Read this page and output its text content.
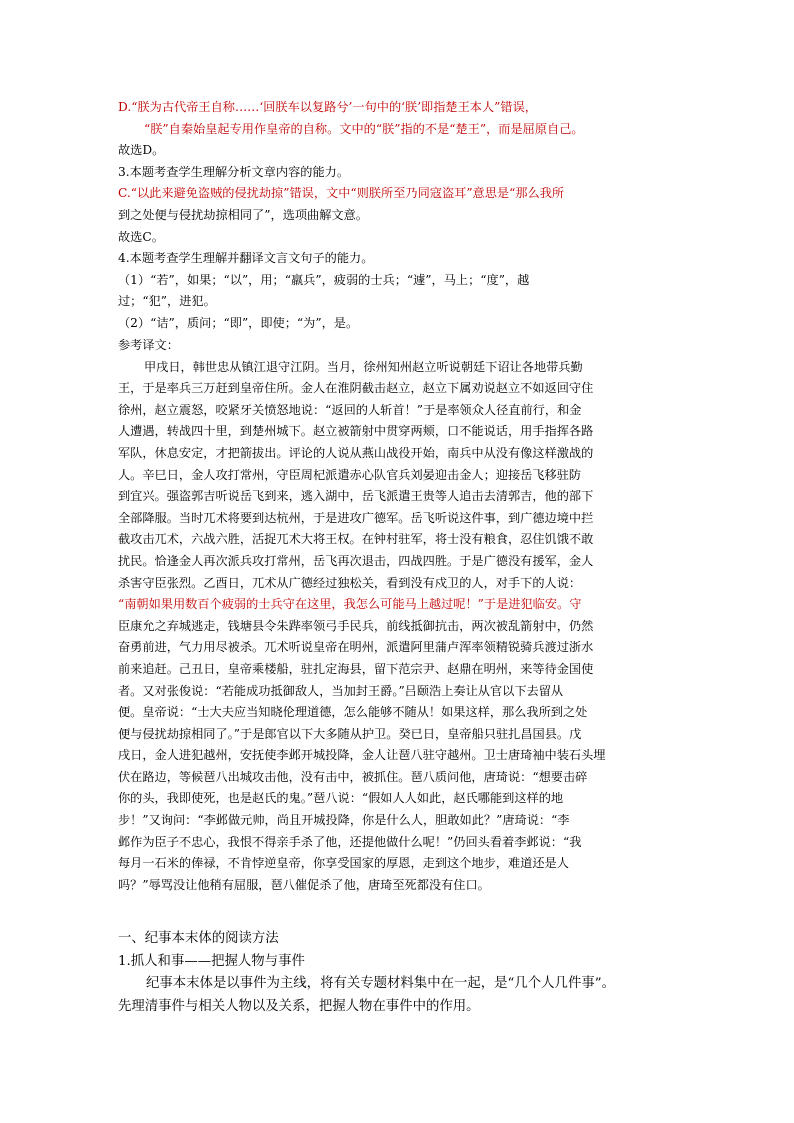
D.“朕为古代帝王自称……‘回朕车以复路兮’一句中的‘朕’即指楚王本人”错误，
“朕”自秦始皇起专用作皇帝的自称。文中的“朕”指的不是“楚王”，而是屈原自己。
故选D。
3.本题考查学生理解分析文章内容的能力。
C.“以此来避免盗贼的侵扰劫掠”错误，文中“则朕所至乃同寇盗耳”意思是“那么我所
到之处便与侵扰劫掠相同了”，选项曲解文意。
故选C。
4.本题考查学生理解并翻译文言文句子的能力。
（1）“若”，如果；“以”，用；“羸兵”，疲弱的士兵；“遽”，马上；“度”，越
过；“犯”，进犯。
（2）“诘”，质问；“即”，即使；“为”，是。
参考译文：
甲戌日，韩世忠从镇江退守江阴。当月，徐州知州赵立听说朝廷下诏让各地带兵勤
王，于是率兵三万赶到皇帝住所。金人在淮阴截击赵立，赵立下属劝说赵立不如返回守住
徐州，赵立震怒，咬紧牙关愤怒地说：“返回的人斩首！”于是率领众人径直前行，和金
人遭遇，转战四十里，到楚州城下。赵立被箭射中贯穿两颊，口不能说话，用手指挥各路
军队，休息安定，才把箭拔出。评论的人说从燕山战役开始，南兵中从没有像这样激战的
人。辛巳日，金人攻打常州，守臣周杞派遣赤心队官兵刘晏迎击金人；迎接岳飞移驻防
到宜兴。强盗郭吉听说岳飞到来，逃入湖中，岳飞派遣王贵等人追击去清郭吉，他的部下
全部降服。当时兀术将要到达杭州，于是进攻广德军。岳飞听说这件事，到广德边境中拦
截攻击兀术，六战六胜，活捉兀术大将王权。在钟村驻军，将士没有粮食，忍住饥饿不敢
扰民。恰逢金人再次派兵攻打常州，岳飞再次退击，四战四胜。于是广德没有援军，金人
杀害守臣张烈。乙酉日，兀术从广德经过独松关，看到没有戍卫的人，对手下的人说：
“南朝如果用数百个疲弱的士兵守在这里，我怎么可能马上越过呢！”于是进犯临安。守
臣康允之弃城逃走，钱塘县令朱跸率领弓手民兵，前线抵御抗击，两次被乱箭射中，仍然
奋勇前进，气力用尽被杀。兀术听说皇帝在明州，派遣阿里蒲卢浑率领精锐骑兵渡过浙水
前来追赶。己丑日，皇帝乘楼船，驻扎定海县，留下范宗尹、赵鼎在明州，来等待金国使
者。又对张俊说：“若能成功抵御敌人，当加封王爵。”吕颐浩上奏让从官以下去留从
便。皇帝说：“士大夫应当知晓伦理道德，怎么能够不随从！如果这样，那么我所到之处
便与侵扰劫掠相同了。”于是郎官以下大多随从护卫。癸已日，皇帝船只驻扎昌国县。戊
戌日，金人进犯越州，安抚使李邺开城投降，金人让琶八驻守越州。卫士唐琦袖中装石头埋
伏在路边，等候琶八出城攻击他，没有击中，被抓住。琶八质问他，唐琦说：“想要击碎
你的头，我即使死，也是赵氏的鬼。”琶八说：“假如人人如此，赵氏哪能到这样的地
步！”又询问：“李邺做元帅，尚且开城投降，你是什么人，胆敢如此？”唐琦说：“李
邺作为臣子不忠心，我恨不得亲手杀了他，还提他做什么呢！”仍回头看着李邺说：“我
每月一石米的俸禄，不肯悖逆皇帝，你享受国家的厚恩，走到这个地步，难道还是人
吗？”辱骂没让他稍有屈服，琶八催促杀了他，唐琦至死都没有住口。
一、纪事本末体的阅读方法
1.抓人和事——把握人物与事件
纪事本末体是以事件为主线，将有关专题材料集中在一起，是“几个人几件事”。
先理清事件与相关人物以及关系，把握人物在事件中的作用。
